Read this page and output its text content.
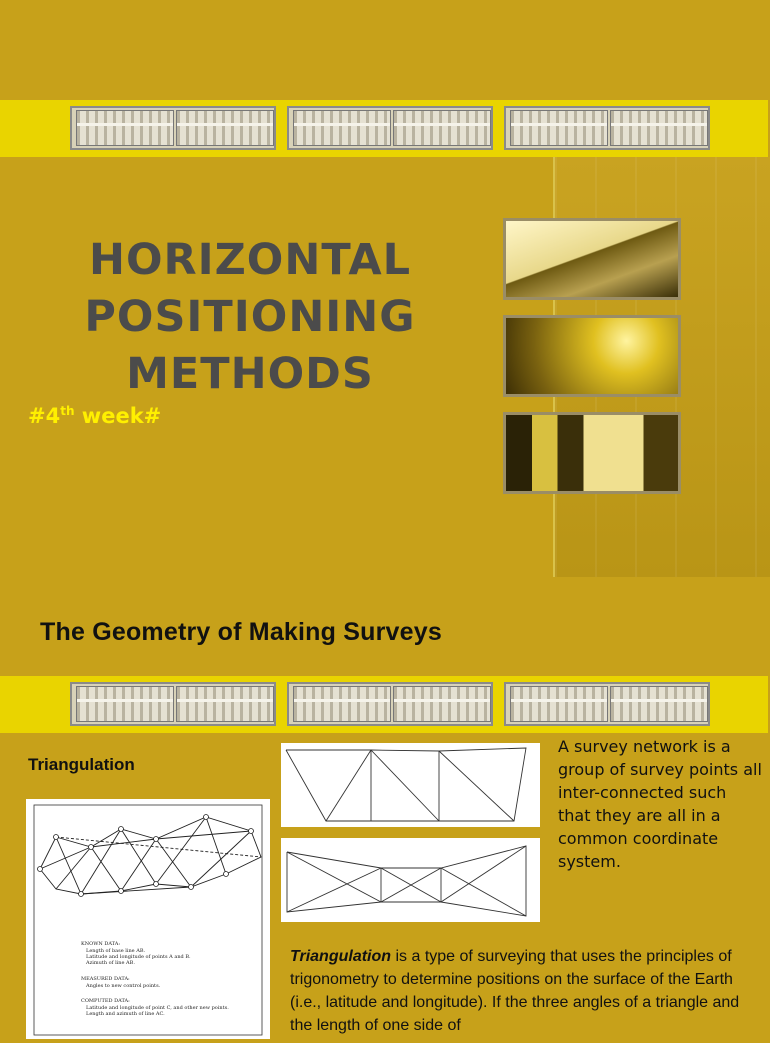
HORIZONTAL
POSITIONING
METHODS
#4th week#
The Geometry of Making Surveys
Triangulation
KNOWN DATA:
Length of base line AB.
Latitude and longitude of points A and B.
Azimuth of line AB.
MEASURED DATA:
Angles to new control points.
COMPUTED DATA:
Latitude and longitude of point C, and other new points.
Length and azimuth of line AC.

A survey network is a group of survey points all inter-connected such that they are all in a common coordinate system.

Triangulation is a type of surveying that uses the principles of trigonometry to determine positions on the surface of the Earth (i.e., latitude and longitude). If the three angles of a triangle and the length of one side of
